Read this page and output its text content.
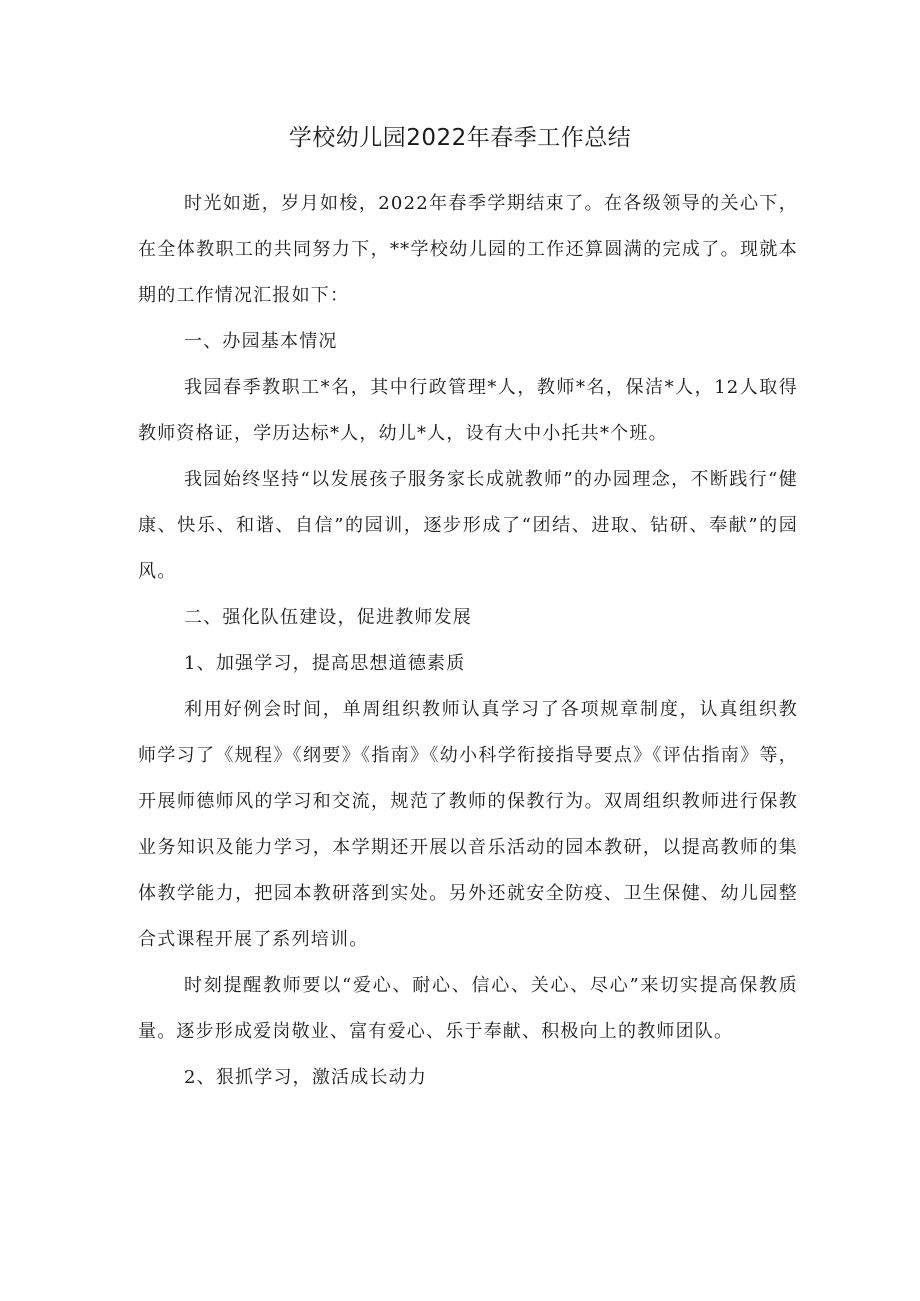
学校幼儿园2022年春季工作总结

时光如逝，岁月如梭，2022年春季学期结束了。在各级领导的关心下，在全体教职工的共同努力下，**学校幼儿园的工作还算圆满的完成了。现就本期的工作情况汇报如下：

一、办园基本情况

我园春季教职工*名，其中行政管理*人，教师*名，保洁*人，12人取得教师资格证，学历达标*人，幼儿*人，设有大中小托共*个班。

我园始终坚持“以发展孩子服务家长成就教师”的办园理念，不断践行“健康、快乐、和谐、自信”的园训，逐步形成了“团结、进取、钻研、奉献”的园风。

二、强化队伍建设，促进教师发展

1、加强学习，提高思想道德素质

利用好例会时间，单周组织教师认真学习了各项规章制度，认真组织教师学习了《规程》《纲要》《指南》《幼小科学衔接指导要点》《评估指南》等，开展师德师风的学习和交流，规范了教师的保教行为。双周组织教师进行保教业务知识及能力学习，本学期还开展以音乐活动的园本教研，以提高教师的集体教学能力，把园本教研落到实处。另外还就安全防疫、卫生保健、幼儿园整合式课程开展了系列培训。

时刻提醒教师要以“爱心、耐心、信心、关心、尽心”来切实提高保教质量。逐步形成爱岗敬业、富有爱心、乐于奉献、积极向上的教师团队。

2、狠抓学习，激活成长动力
